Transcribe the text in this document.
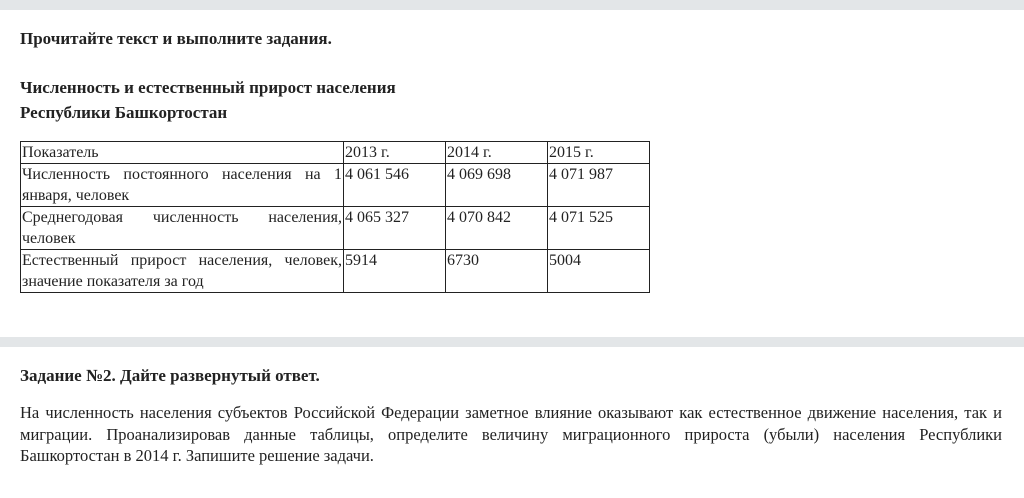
Прочитайте текст и выполните задания.

Численность и естественный прирост населения
Республики Башкортостан
Показатель	2013 г.	2014 г.	2015 г.
Численность постоянного населения на 1 января, человек	4 061 546	4 069 698	4 071 987
Среднегодовая численность населения, человек	4 065 327	4 070 842	4 071 525
Естественный прирост населения, человек, значение показателя за год	5914	6730	5004

Задание №2. Дайте развернутый ответ.

На численность населения субъектов Российской Федерации заметное влияние оказывают как естественное движение населения, так и миграции. Проанализировав данные таблицы, определите величину миграционного прироста (убыли) населения Республики Башкортостан в 2014 г. Запишите решение задачи.
